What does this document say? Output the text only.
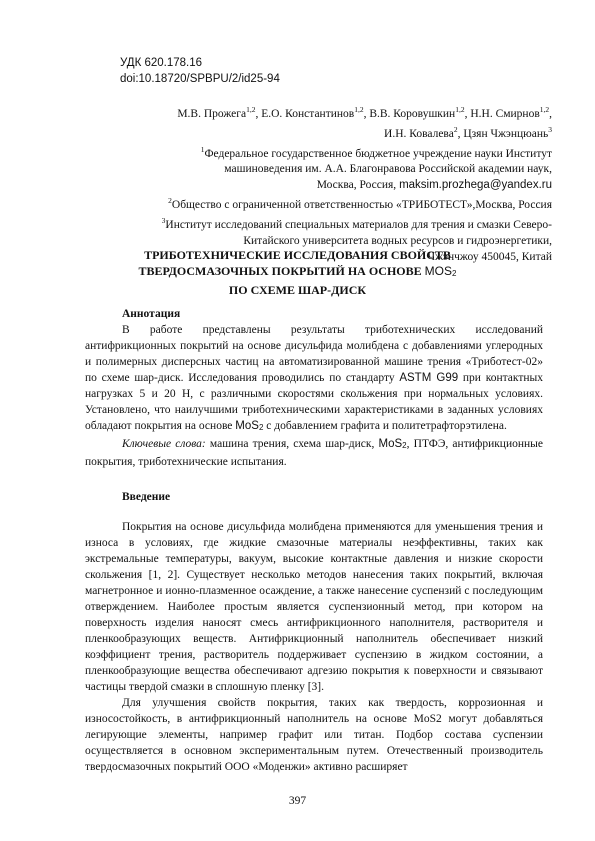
УДК 620.178.16
doi:10.18720/SPBPU/2/id25-94
М.В. Прожега$^{1,2}$, Е.О. Константинов$^{1,2}$, В.В. Коровушкин$^{1,2}$, Н.Н. Смирнов$^{1,2}$,
И.Н. Ковалева$^2$, Цзян Чжэнцюань$^3$
$^1$Федеральное государственное бюджетное учреждение науки Институт
машиноведения им. А.А. Благонравова Российской академии наук,
Москва, Россия, maksim.prozhega@yandex.ru
$^2$Общество с ограниченной ответственностью «ТРИБОТЕСТ»,Москва, Россия
$^3$Институт исследований специальных материалов для трения и смазки Северо-
Китайского университета водных ресурсов и гидроэнергетики,
Чжэнчжоу 450045, Китай
ТРИБОТЕХНИЧЕСКИЕ ИССЛЕДОВАНИЯ СВОЙСТВ
ТВЕРДОСМАЗОЧНЫХ ПОКРЫТИЙ НА ОСНОВЕ MOS2
ПО СХЕМЕ ШАР-ДИСК
Аннотация

В работе представлены результаты триботехнических исследований антифрикционных покрытий на основе дисульфида молибдена с добавлениями углеродных и полимерных дисперсных частиц на автоматизированной машине трения «Триботест-02» по схеме шар-диск. Исследования проводились по стандарту ASTM G99 при контактных нагрузках 5 и 20 Н, с различными скоростями скольжения при нормальных условиях. Установлено, что наилучшими триботехническими характеристиками в заданных условиях обладают покрытия на основе MoS2 с добавлением графита и политетрафторэтилена.

Ключевые слова: машина трения, схема шар-диск, MoS2, ПТФЭ, антифрикционные покрытия, триботехнические испытания.

Введение

Покрытия на основе дисульфида молибдена применяются для уменьшения трения и износа в условиях, где жидкие смазочные материалы неэффективны, таких как экстремальные температуры, вакуум, высокие контактные давления и низкие скорости скольжения [1, 2]. Существует несколько методов нанесения таких покрытий, включая магнетронное и ионно-плазменное осаждение, а также нанесение суспензий с последующим отверждением. Наиболее простым является суспензионный метод, при котором на поверхность изделия наносят смесь антифрикционного наполнителя, растворителя и пленкообразующих веществ. Антифрикционный наполнитель обеспечивает низкий коэффициент трения, растворитель поддерживает суспензию в жидком состоянии, а пленкообразующие вещества обеспечивают адгезию покрытия к поверхности и связывают частицы твердой смазки в сплошную пленку [3].

Для улучшения свойств покрытия, таких как твердость, коррозионная и износостойкость, в антифрикционный наполнитель на основе MoS2 могут добавляться легирующие элементы, например графит или титан. Подбор состава суспензии осуществляется в основном экспериментальным путем. Отечественный производитель твердосмазочных покрытий ООО «Моденжи» активно расширяет

397
